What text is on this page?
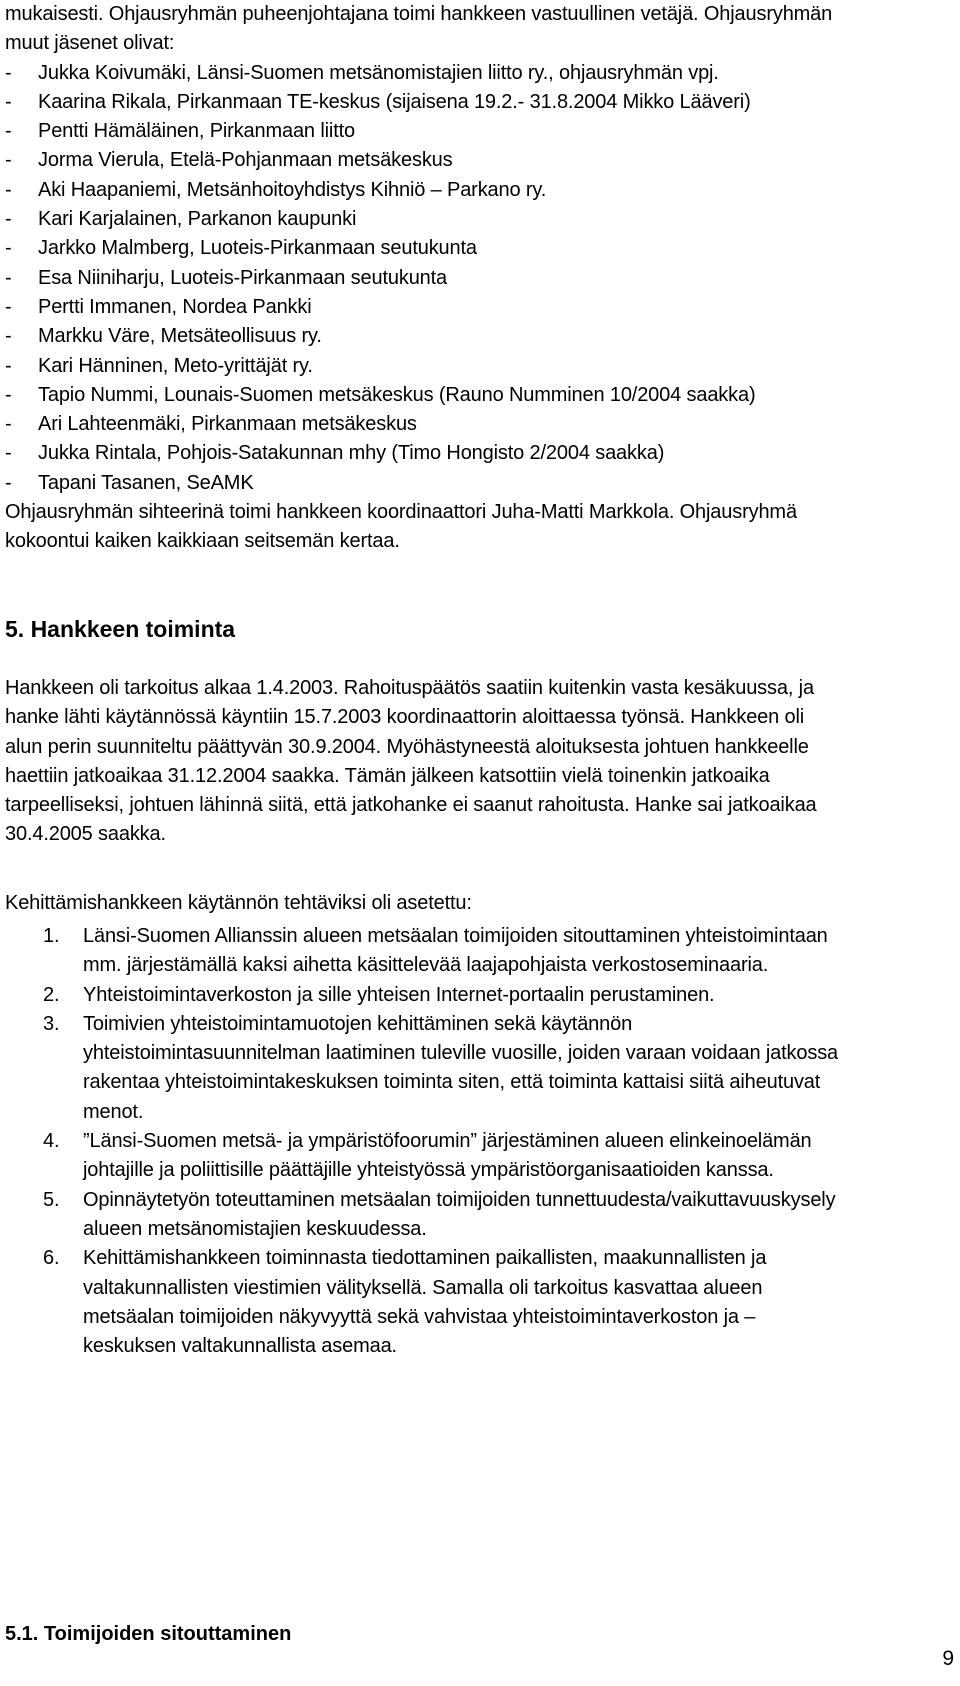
mukaisesti. Ohjausryhmän puheenjohtajana toimi hankkeen vastuullinen vetäjä. Ohjausryhmän
muut jäsenet olivat:
- Jukka Koivumäki, Länsi-Suomen metsänomistajien liitto ry., ohjausryhmän vpj.
- Kaarina Rikala, Pirkanmaan TE-keskus (sijaisena 19.2.- 31.8.2004 Mikko Lääveri)
- Pentti Hämäläinen, Pirkanmaan liitto
- Jorma Vierula, Etelä-Pohjanmaan metsäkeskus
- Aki Haapaniemi, Metsänhoitoyhdistys Kihniö – Parkano ry.
- Kari Karjalainen, Parkanon kaupunki
- Jarkko Malmberg, Luoteis-Pirkanmaan seutukunta
- Esa Niiniharju, Luoteis-Pirkanmaan seutukunta
- Pertti Immanen, Nordea Pankki
- Markku Väre, Metsäteollisuus ry.
- Kari Hänninen, Meto-yrittäjät ry.
- Tapio Nummi, Lounais-Suomen metsäkeskus (Rauno Numminen 10/2004 saakka)
- Ari Lahteenmäki, Pirkanmaan metsäkeskus
- Jukka Rintala, Pohjois-Satakunnan mhy (Timo Hongisto 2/2004 saakka)
- Tapani Tasanen, SeAMK
Ohjausryhmän sihteerinä toimi hankkeen koordinaattori Juha-Matti Markkola. Ohjausryhmä
kokoontui kaiken kaikkiaan seitsemän kertaa.
5. Hankkeen toiminta
Hankkeen oli tarkoitus alkaa 1.4.2003. Rahoituspäätös saatiin kuitenkin vasta kesäkuussa, ja
hanke lähti käytännössä käyntiin 15.7.2003 koordinaattorin aloittaessa työnsä. Hankkeen oli
alun perin suunniteltu päättyvän 30.9.2004. Myöhästyneestä aloituksesta johtuen hankkeelle
haettiin jatkoaikaa 31.12.2004 saakka. Tämän jälkeen katsottiin vielä toinenkin jatkoaika
tarpeelliseksi, johtuen lähinnä siitä, että jatkohanke ei saanut rahoitusta. Hanke sai jatkoaikaa
30.4.2005 saakka.
Kehittämishankkeen käytännön tehtäviksi oli asetettu:
1. Länsi-Suomen Allianssin alueen metsäalan toimijoiden sitouttaminen yhteistoimintaan
mm. järjestämällä kaksi aihetta käsittelevää laajapohjaista verkostoseminaaria.
2. Yhteistoimintaverkoston ja sille yhteisen Internet-portaalin perustaminen.
3. Toimivien yhteistoimintamuotojen kehittäminen sekä käytännön
yhteistoimintasuunnitelman laatiminen tuleville vuosille, joiden varaan voidaan jatkossa
rakentaa yhteistoimintakeskuksen toiminta siten, että toiminta kattaisi siitä aiheutuvat
menot.
4. ”Länsi-Suomen metsä- ja ympäristöfoorumin” järjestäminen alueen elinkeinoelämän
johtajille ja poliittisille päättäjille yhteistyössä ympäristöorganisaatioiden kanssa.
5. Opinnäytetyön toteuttaminen metsäalan toimijoiden tunnettuudesta/vaikuttavuuskysely
alueen metsänomistajien keskuudessa.
6. Kehittämishankkeen toiminnasta tiedottaminen paikallisten, maakunnallisten ja
valtakunnallisten viestimien välityksellä. Samalla oli tarkoitus kasvattaa alueen
metsäalan toimijoiden näkyvyyttä sekä vahvistaa yhteistoimintaverkoston ja –
keskuksen valtakunnallista asemaa.
5.1. Toimijoiden sitouttaminen
9
